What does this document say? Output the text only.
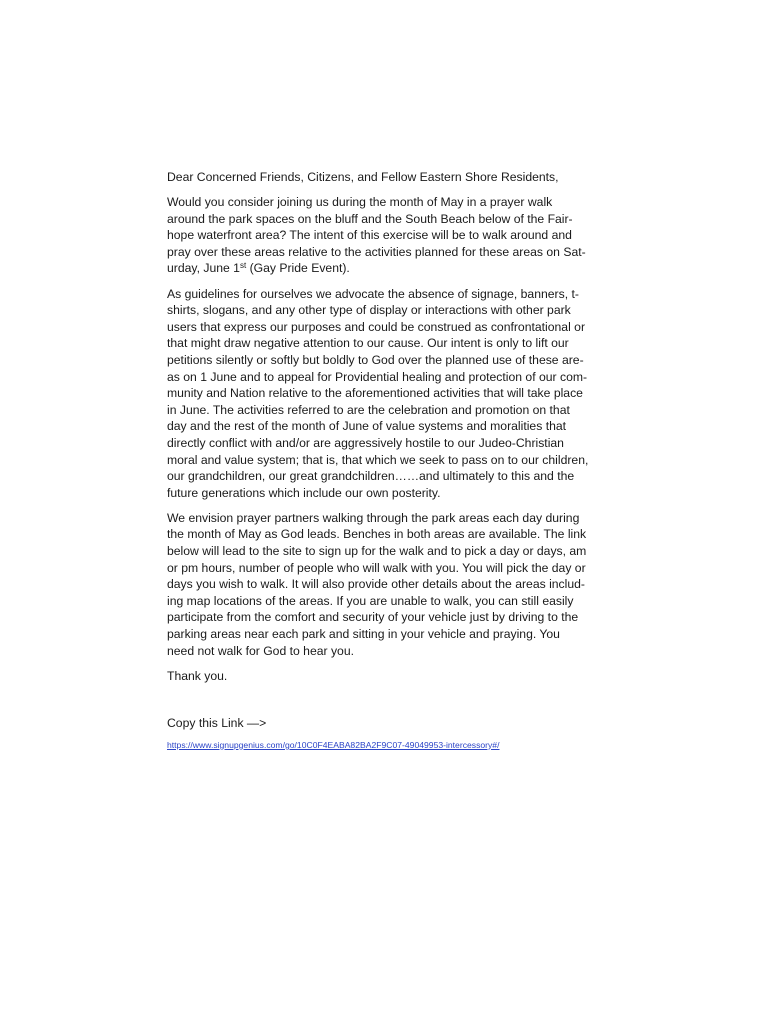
Dear Concerned Friends, Citizens, and Fellow Eastern Shore Residents,

Would you consider joining us during the month of May in a prayer walk
around the park spaces on the bluff and the South Beach below of the Fair-
hope waterfront area? The intent of this exercise will be to walk around and
pray over these areas relative to the activities planned for these areas on Sat-
urday, June 1st (Gay Pride Event).

As guidelines for ourselves we advocate the absence of signage, banners, t-
shirts, slogans, and any other type of display or interactions with other park
users that express our purposes and could be construed as confrontational or
that might draw negative attention to our cause. Our intent is only to lift our
petitions silently or softly but boldly to God over the planned use of these are-
as on 1 June and to appeal for Providential healing and protection of our com-
munity and Nation relative to the aforementioned activities that will take place
in June. The activities referred to are the celebration and promotion on that
day and the rest of the month of June of value systems and moralities that
directly conflict with and/or are aggressively hostile to our Judeo-Christian
moral and value system; that is, that which we seek to pass on to our children,
our grandchildren, our great grandchildren……and ultimately to this and the
future generations which include our own posterity.

We envision prayer partners walking through the park areas each day during
the month of May as God leads. Benches in both areas are available. The link
below will lead to the site to sign up for the walk and to pick a day or days, am
or pm hours, number of people who will walk with you. You will pick the day or
days you wish to walk. It will also provide other details about the areas includ-
ing map locations of the areas. If you are unable to walk, you can still easily
participate from the comfort and security of your vehicle just by driving to the
parking areas near each park and sitting in your vehicle and praying. You
need not walk for God to hear you.

Thank you.

Copy this Link —>

https://www.signupgenius.com/go/10C0F4EABA82BA2F9C07-49049953-intercessory#/
